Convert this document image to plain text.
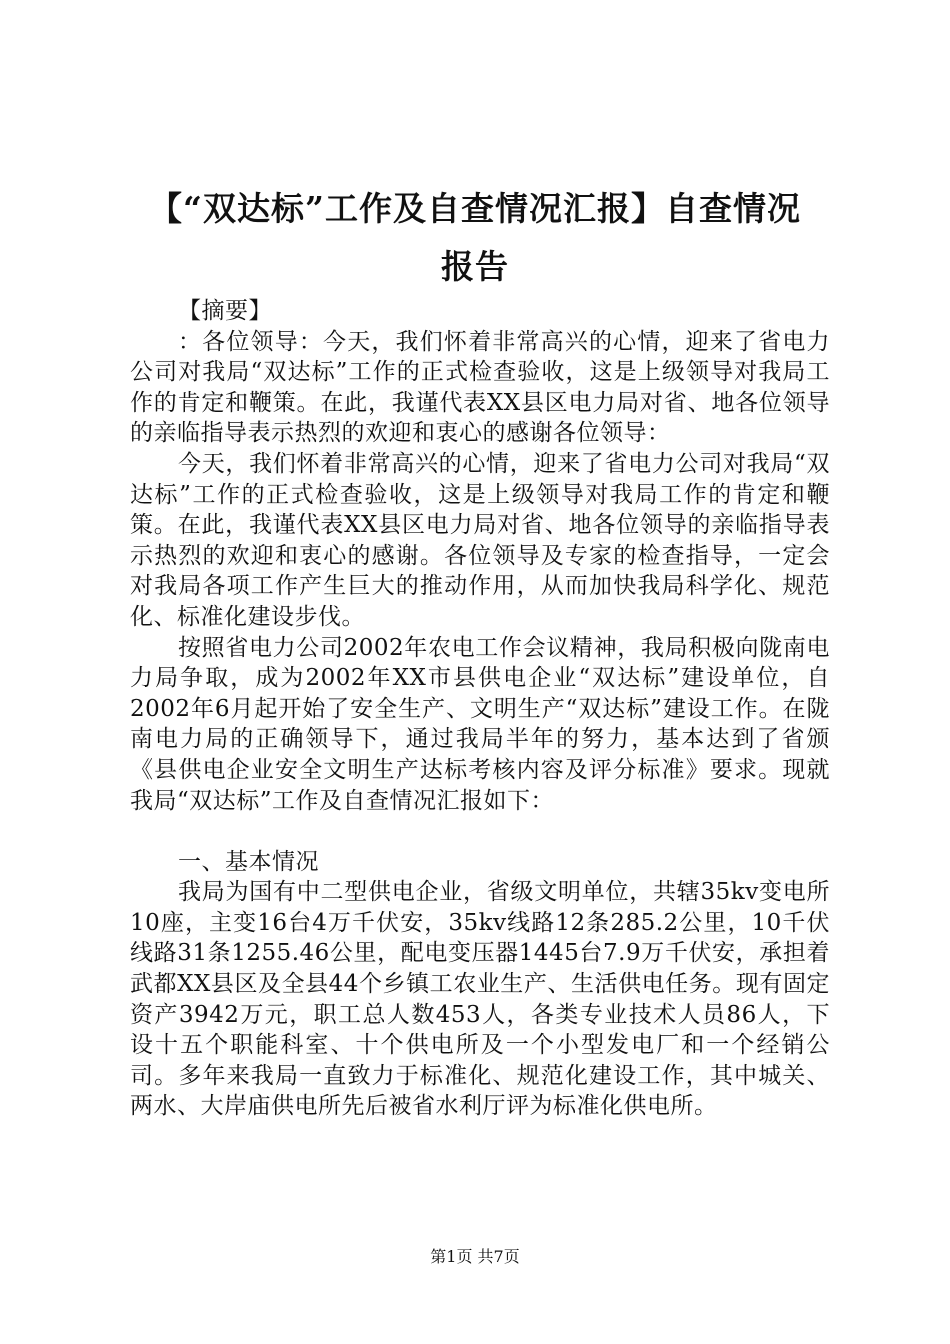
【“双达标”工作及自查情况汇报】自查情况
报告

【摘要】

：各位领导：今天，我们怀着非常高兴的心情，迎来了省电力公司对我局“双达标”工作的正式检查验收，这是上级领导对我局工作的肯定和鞭策。在此，我谨代表XX县区电力局对省、地各位领导的亲临指导表示热烈的欢迎和衷心的感谢各位领导：

今天，我们怀着非常高兴的心情，迎来了省电力公司对我局“双达标”工作的正式检查验收，这是上级领导对我局工作的肯定和鞭策。在此，我谨代表XX县区电力局对省、地各位领导的亲临指导表示热烈的欢迎和衷心的感谢。各位领导及专家的检查指导，一定会对我局各项工作产生巨大的推动作用，从而加快我局科学化、规范化、标准化建设步伐。

按照省电力公司2002年农电工作会议精神，我局积极向陇南电力局争取，成为2002年XX市县供电企业“双达标”建设单位，自2002年6月起开始了安全生产、文明生产“双达标”建设工作。在陇南电力局的正确领导下，通过我局半年的努力，基本达到了省颁《县供电企业安全文明生产达标考核内容及评分标准》要求。现就我局“双达标”工作及自查情况汇报如下：

一、基本情况

我局为国有中二型供电企业，省级文明单位，共辖35kv变电所10座，主变16台4万千伏安，35kv线路12条285.2公里，10千伏线路31条1255.46公里，配电变压器1445台7.9万千伏安，承担着武都XX县区及全县44个乡镇工农业生产、生活供电任务。现有固定资产3942万元，职工总人数453人，各类专业技术人员86人，下设十五个职能科室、十个供电所及一个小型发电厂和一个经销公司。多年来我局一直致力于标准化、规范化建设工作，其中城关、两水、大岸庙供电所先后被省水利厅评为标准化供电所。

第1页 共7页
